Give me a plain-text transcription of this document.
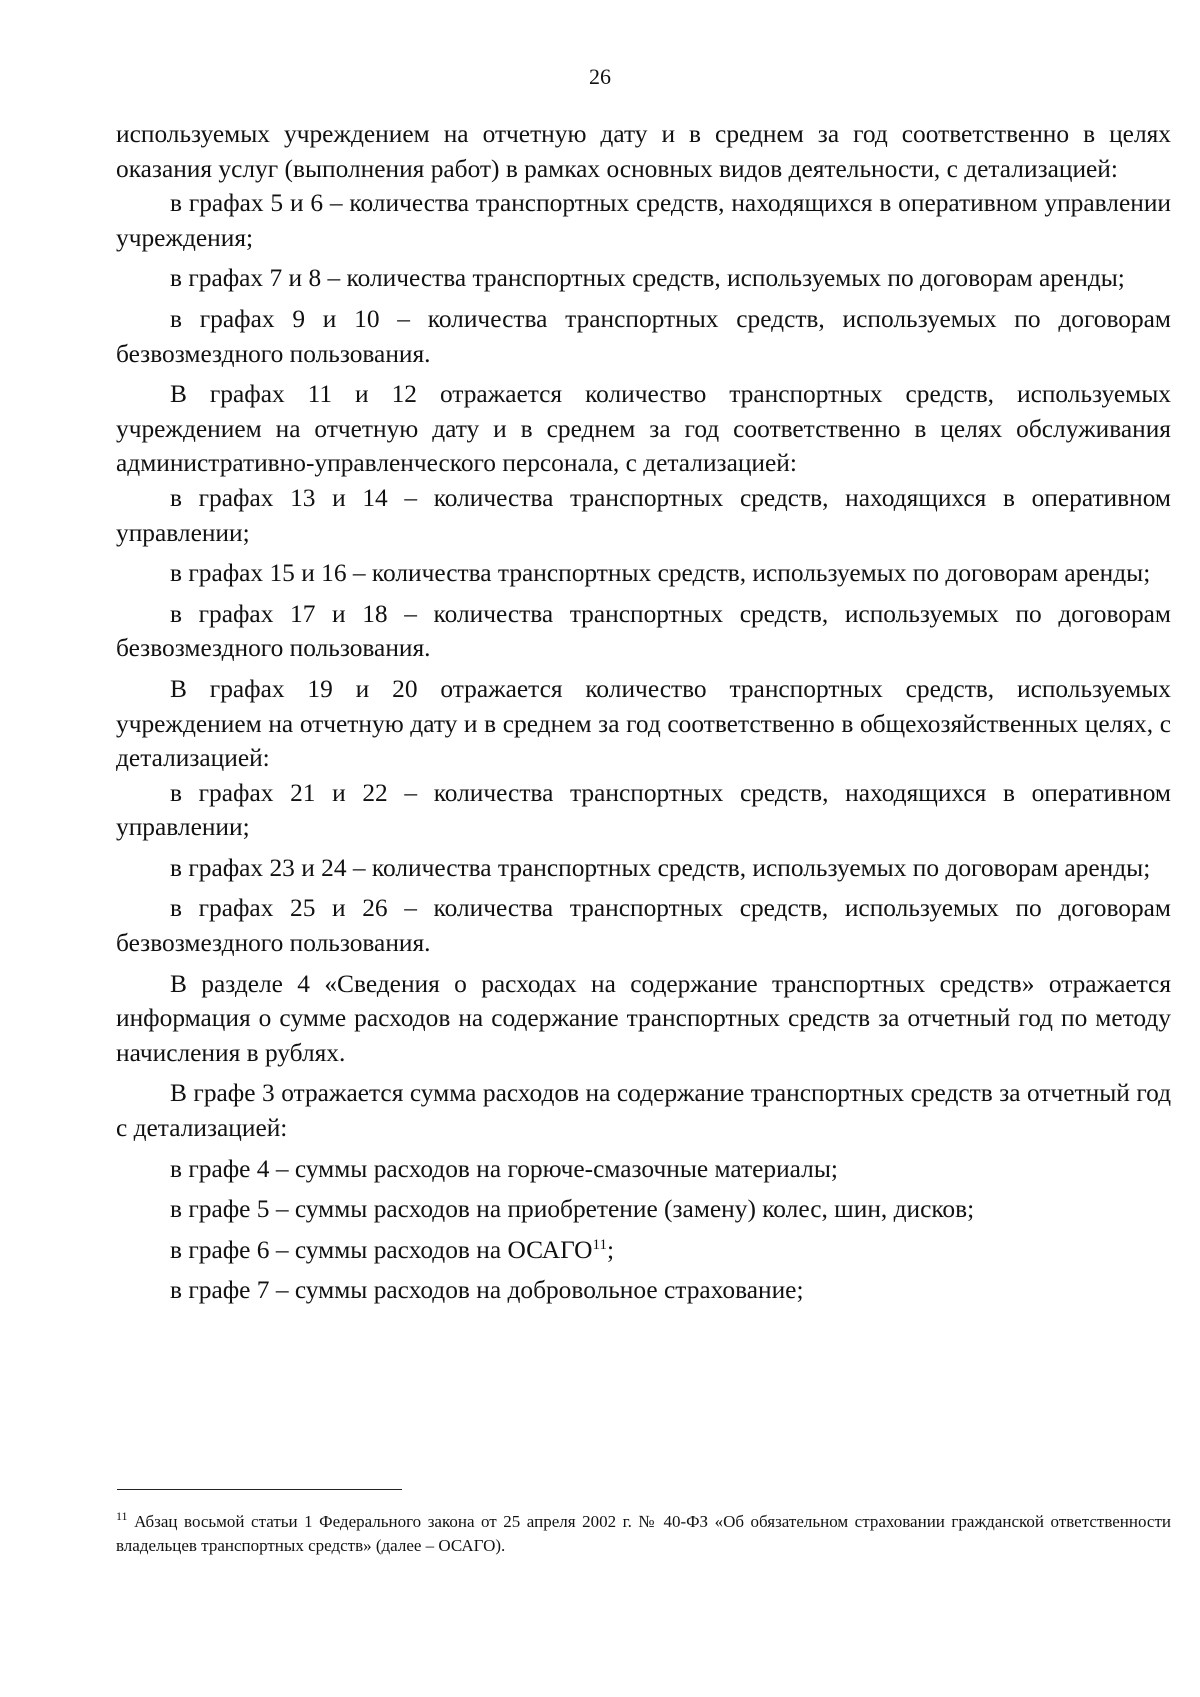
26

используемых учреждением на отчетную дату и в среднем за год соответственно в целях оказания услуг (выполнения работ) в рамках основных видов деятельности, с детализацией:

в графах 5 и 6 – количества транспортных средств, находящихся в оперативном управлении учреждения;

в графах 7 и 8 – количества транспортных средств, используемых по договорам аренды;

в графах 9 и 10 – количества транспортных средств, используемых по договорам безвозмездного пользования.

В графах 11 и 12 отражается количество транспортных средств, используемых учреждением на отчетную дату и в среднем за год соответственно в целях обслуживания административно-управленческого персонала, с детализацией:

в графах 13 и 14 – количества транспортных средств, находящихся в оперативном управлении;

в графах 15 и 16 – количества транспортных средств, используемых по договорам аренды;

в графах 17 и 18 – количества транспортных средств, используемых по договорам безвозмездного пользования.

В графах 19 и 20 отражается количество транспортных средств, используемых учреждением на отчетную дату и в среднем за год соответственно в общехозяйственных целях, с детализацией:

в графах 21 и 22 – количества транспортных средств, находящихся в оперативном управлении;

в графах 23 и 24 – количества транспортных средств, используемых по договорам аренды;

в графах 25 и 26 – количества транспортных средств, используемых по договорам безвозмездного пользования.

В разделе 4 «Сведения о расходах на содержание транспортных средств» отражается информация о сумме расходов на содержание транспортных средств за отчетный год по методу начисления в рублях.

В графе 3 отражается сумма расходов на содержание транспортных средств за отчетный год с детализацией:

в графе 4 – суммы расходов на горюче-смазочные материалы;

в графе 5 – суммы расходов на приобретение (замену) колес, шин, дисков;

в графе 6 – суммы расходов на ОСАГО$^{11}$;

в графе 7 – суммы расходов на добровольное страхование;

$^{11}$ Абзац восьмой статьи 1 Федерального закона от 25 апреля 2002 г. № 40-ФЗ «Об обязательном страховании гражданской ответственности владельцев транспортных средств» (далее – ОСАГО).
